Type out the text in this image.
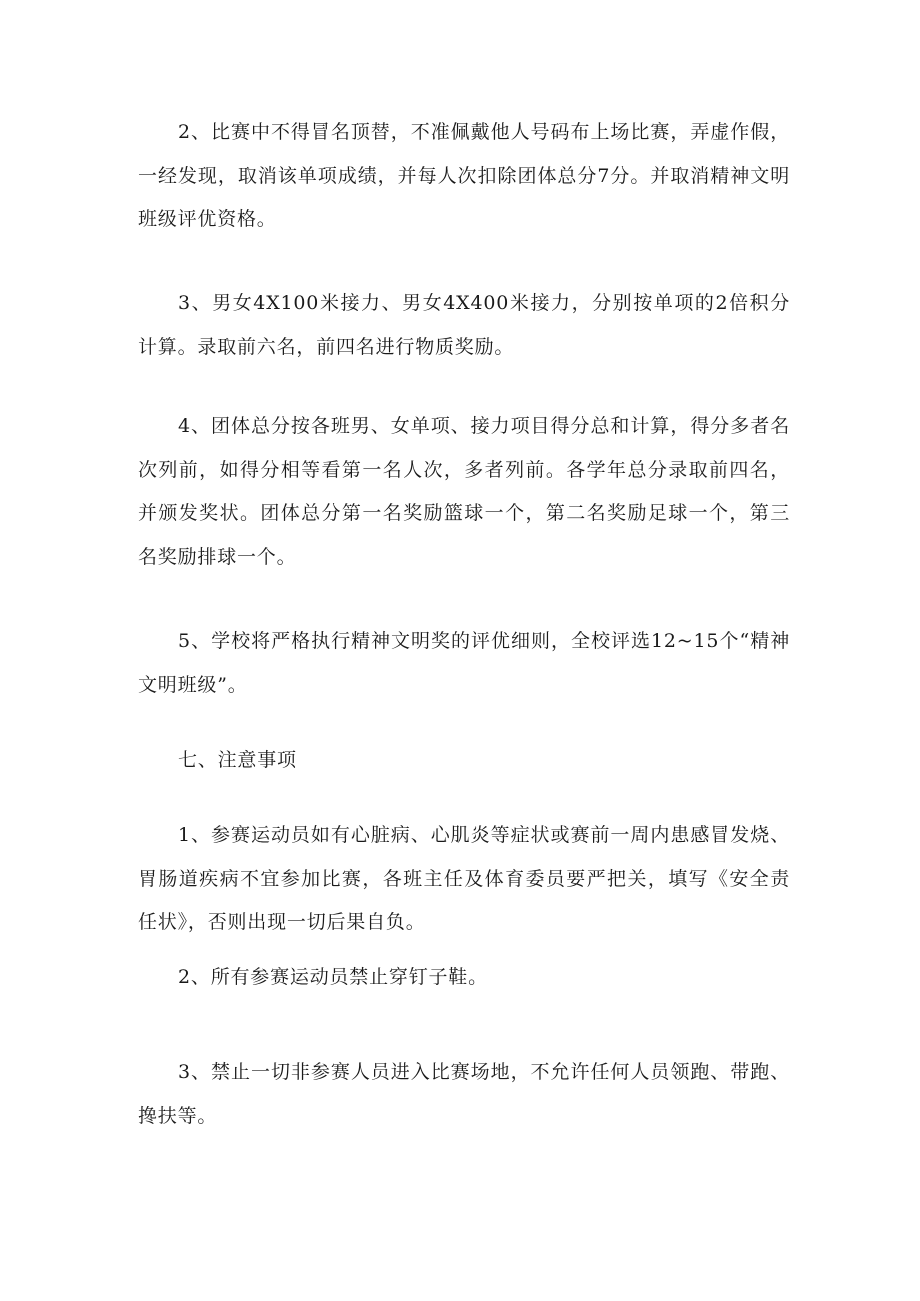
2、比赛中不得冒名顶替，不准佩戴他人号码布上场比赛，弄虚作假，一经发现，取消该单项成绩，并每人次扣除团体总分7分。并取消精神文明班级评优资格。

3、男女4X100米接力、男女4X400米接力，分别按单项的2倍积分计算。录取前六名，前四名进行物质奖励。

4、团体总分按各班男、女单项、接力项目得分总和计算，得分多者名次列前，如得分相等看第一名人次，多者列前。各学年总分录取前四名，并颁发奖状。团体总分第一名奖励篮球一个，第二名奖励足球一个，第三名奖励排球一个。

5、学校将严格执行精神文明奖的评优细则，全校评选12~15个“精神文明班级”。

七、注意事项

1、参赛运动员如有心脏病、心肌炎等症状或赛前一周内患感冒发烧、胃肠道疾病不宜参加比赛，各班主任及体育委员要严把关，填写《安全责任状》，否则出现一切后果自负。

2、所有参赛运动员禁止穿钉子鞋。

3、禁止一切非参赛人员进入比赛场地，不允许任何人员领跑、带跑、搀扶等。
